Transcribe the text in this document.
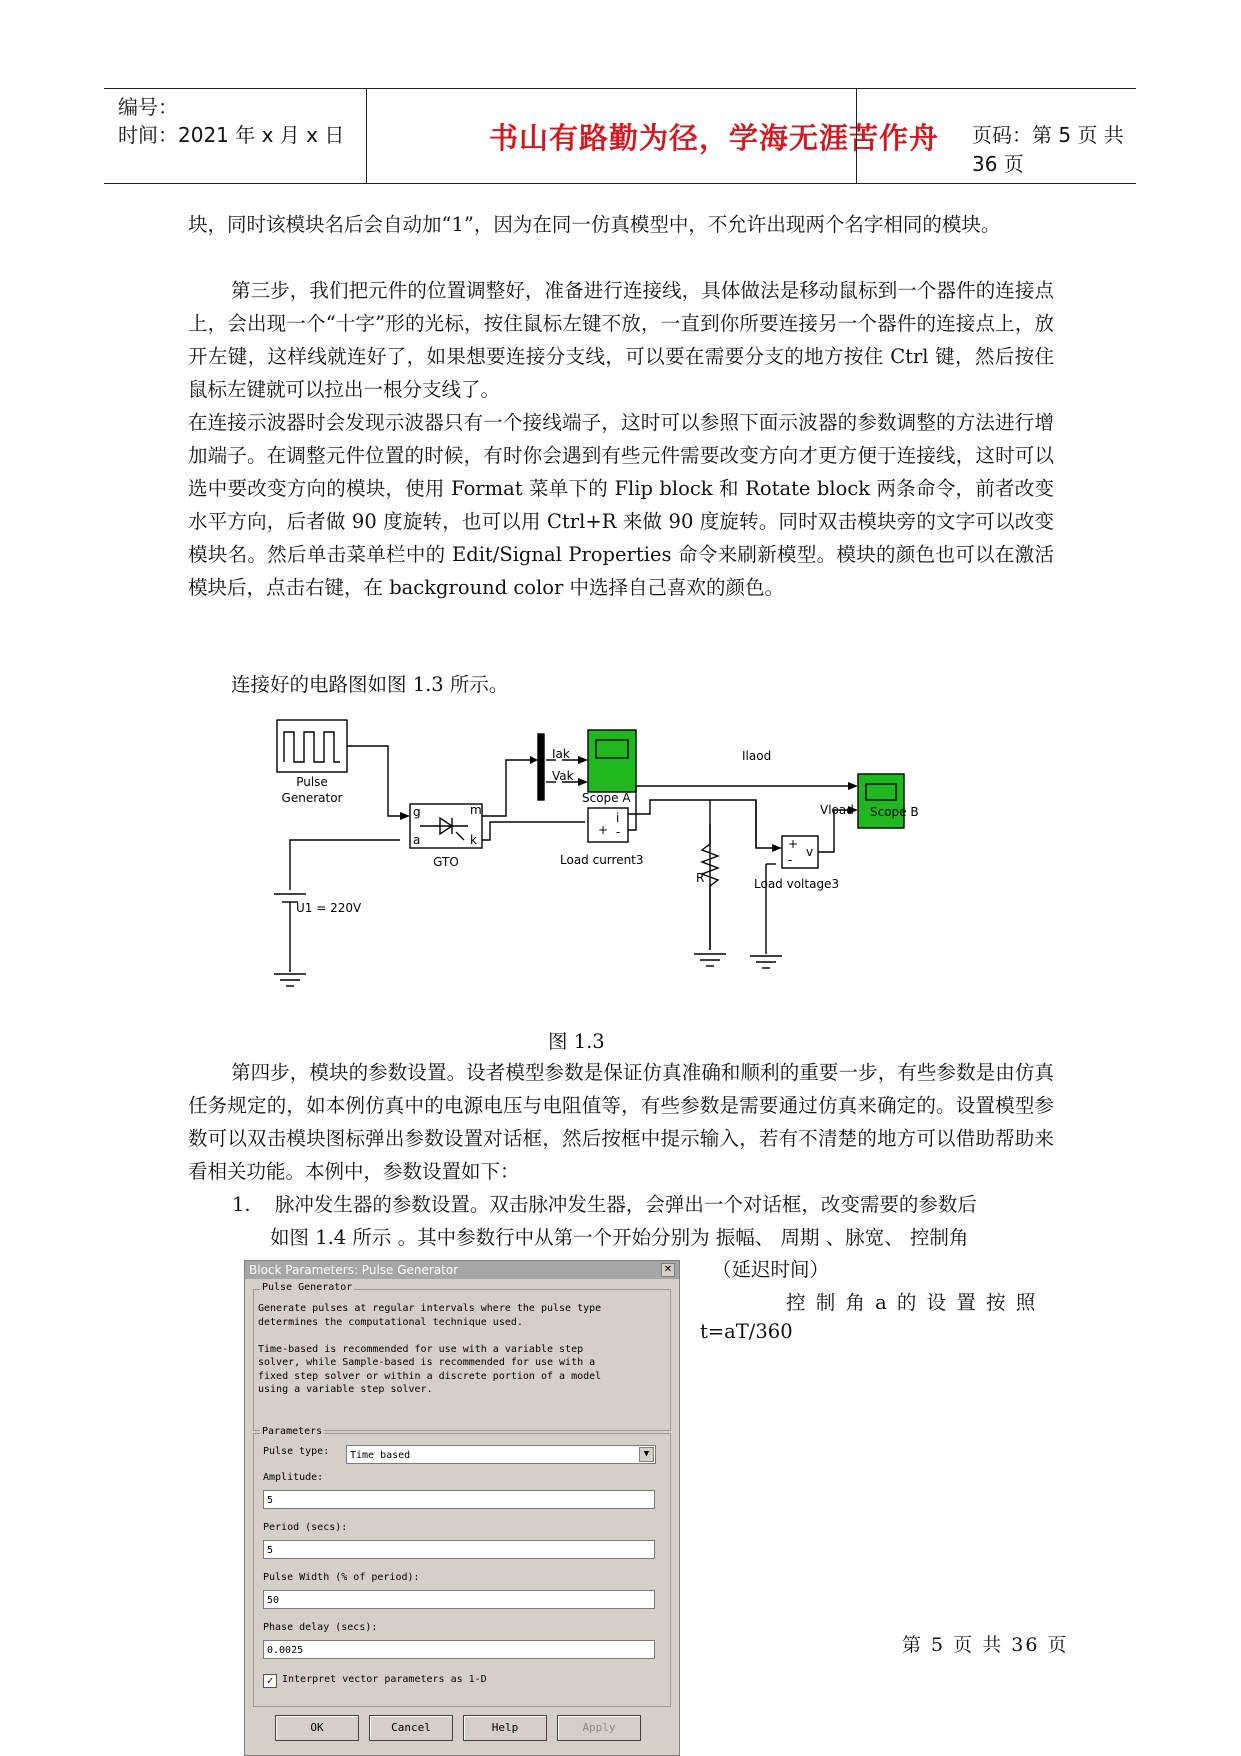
编号：
时间：2021 年 x 月 x 日	书山有路勤为径，学海无涯苦作舟	页码：第 5 页 共 36 页

块，同时该模块名后会自动加“1”，因为在同一仿真模型中，不允许出现两个名字相同的模块。

第三步，我们把元件的位置调整好，准备进行连接线，具体做法是移动鼠标到一个器件的连接点上，会出现一个“十字”形的光标，按住鼠标左键不放，一直到你所要连接另一个器件的连接点上，放开左键，这样线就连好了，如果想要连接分支线，可以要在需要分支的地方按住 Ctrl 键，然后按住鼠标左键就可以拉出一根分支线了。

在连接示波器时会发现示波器只有一个接线端子，这时可以参照下面示波器的参数调整的方法进行增加端子。在调整元件位置的时候，有时你会遇到有些元件需要改变方向才更方便于连接线，这时可以选中要改变方向的模块，使用 Format 菜单下的 Flip block 和 Rotate block 两条命令，前者改变水平方向，后者做 90 度旋转，也可以用 Ctrl+R 来做 90 度旋转。同时双击模块旁的文字可以改变模块名。然后单击菜单栏中的 Edit/Signal Properties 命令来刷新模型。模块的颜色也可以在激活模块后，点击右键，在 background color 中选择自己喜欢的颜色。

连接好的电路图如图 1.3 所示。

Pulse
Generator
g	m
a	k
GTO
U1 = 220V
Iak
Vak
Scope A
i
+ -
Load current3
Ilaod
R
+
-
v
Vload
Load voltage3
Scope B
图 1.3

第四步，模块的参数设置。设者模型参数是保证仿真准确和顺利的重要一步，有些参数是由仿真任务规定的，如本例仿真中的电源电压与电阻值等，有些参数是需要通过仿真来确定的。设置模型参数可以双击模块图标弹出参数设置对话框，然后按框中提示输入，若有不清楚的地方可以借助帮助来看相关功能。本例中，参数设置如下：

1. 脉冲发生器的参数设置。双击脉冲发生器，会弹出一个对话框，改变需要的参数后
如图 1.4 所示 。其中参数行中从第一个开始分别为 振幅、 周期 、脉宽、 控制角
（延迟时间）
控 制 角 a 的 设 置 按 照
t=aT/360
第 5 页 共 36 页
Block Parameters: Pulse Generator	✕
Pulse Generator
Generate pulses at regular intervals where the pulse type
determines the computational technique used.

Time-based is recommended for use with a variable step
solver, while Sample-based is recommended for use with a
fixed step solver or within a discrete portion of a model
using a variable step solver.
Parameters
Pulse type:	Time based	▼
Amplitude:
5
Period (secs):
5
Pulse Width (% of period):
50
Phase delay (secs):
0.0025
✓ Interpret vector parameters as 1-D
OK	Cancel	Help	Apply
